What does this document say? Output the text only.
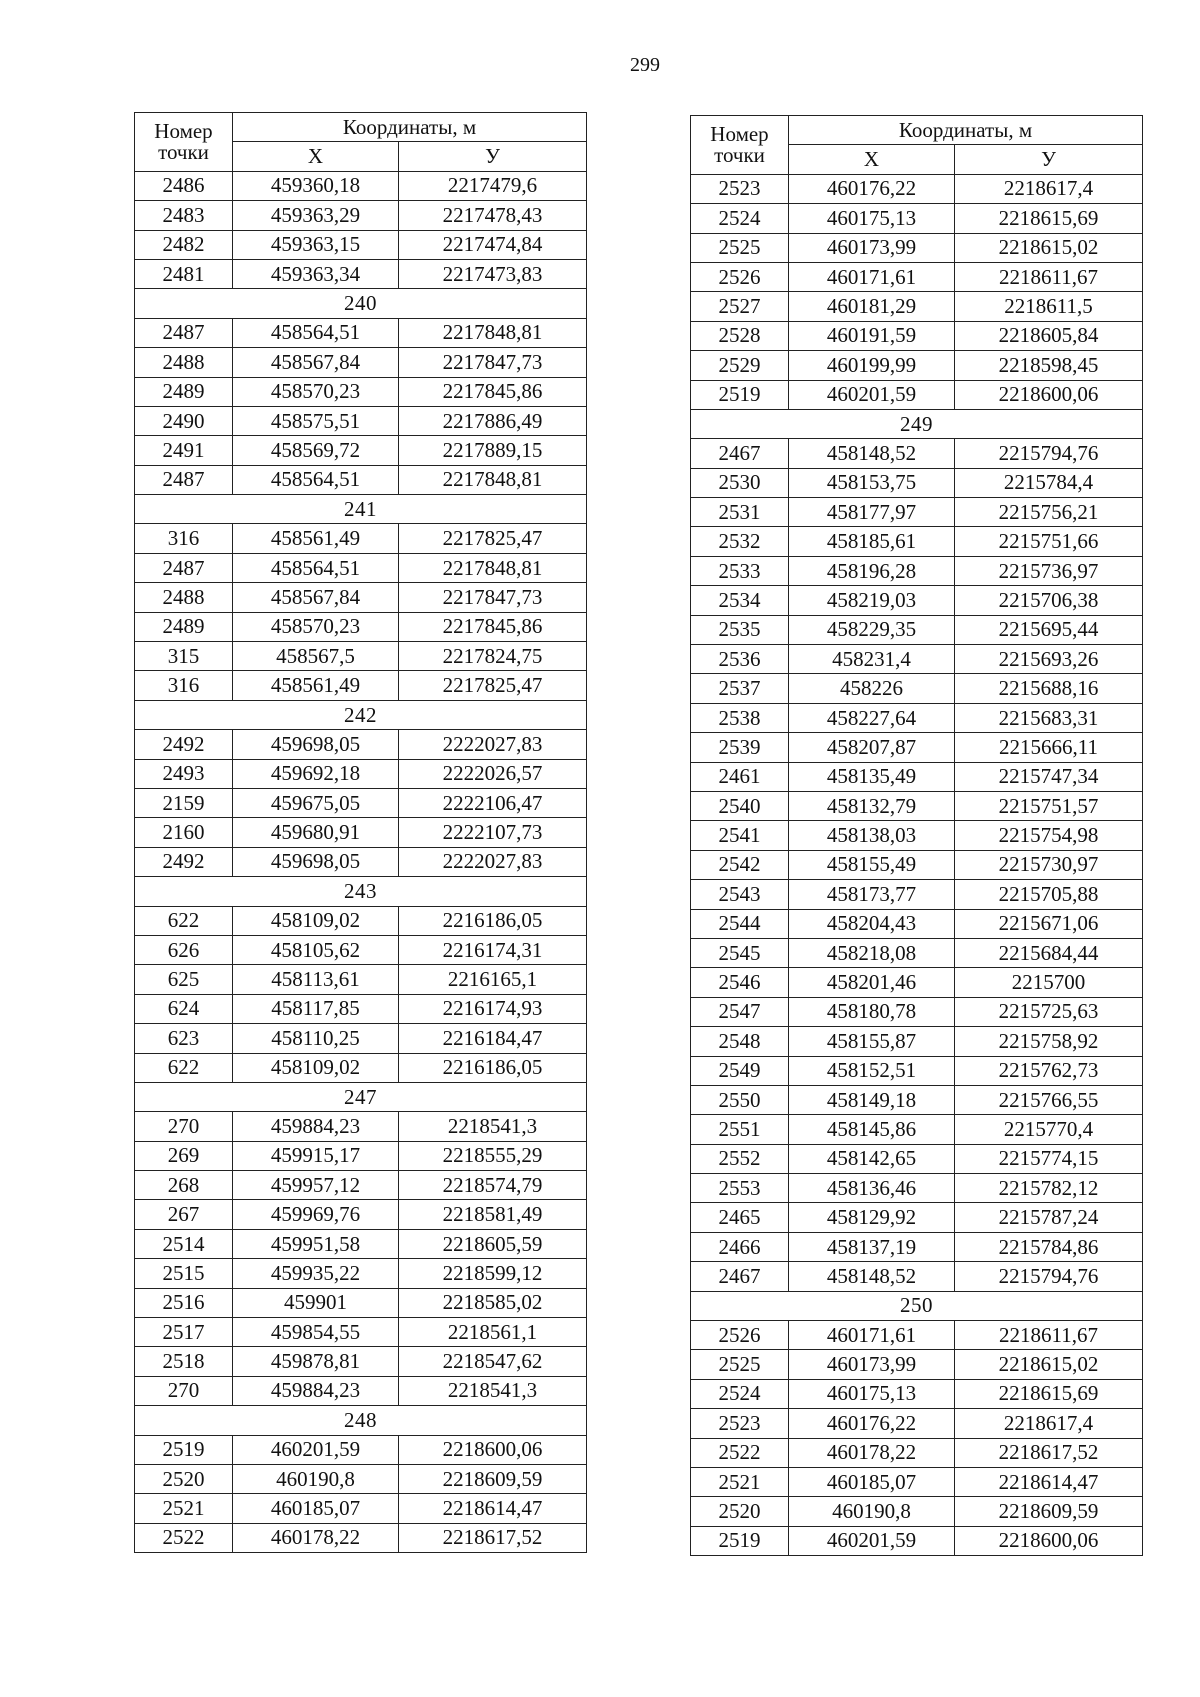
299
Номер
точки	Координаты, м	
	X	У
2486	459360,18	2217479,6
2483	459363,29	2217478,43
2482	459363,15	2217474,84
2481	459363,34	2217473,83
240		
2487	458564,51	2217848,81
2488	458567,84	2217847,73
2489	458570,23	2217845,86
2490	458575,51	2217886,49
2491	458569,72	2217889,15
2487	458564,51	2217848,81
241		
316	458561,49	2217825,47
2487	458564,51	2217848,81
2488	458567,84	2217847,73
2489	458570,23	2217845,86
315	458567,5	2217824,75
316	458561,49	2217825,47
242		
2492	459698,05	2222027,83
2493	459692,18	2222026,57
2159	459675,05	2222106,47
2160	459680,91	2222107,73
2492	459698,05	2222027,83
243		
622	458109,02	2216186,05
626	458105,62	2216174,31
625	458113,61	2216165,1
624	458117,85	2216174,93
623	458110,25	2216184,47
622	458109,02	2216186,05
247		
270	459884,23	2218541,3
269	459915,17	2218555,29
268	459957,12	2218574,79
267	459969,76	2218581,49
2514	459951,58	2218605,59
2515	459935,22	2218599,12
2516	459901	2218585,02
2517	459854,55	2218561,1
2518	459878,81	2218547,62
270	459884,23	2218541,3
248		
2519	460201,59	2218600,06
2520	460190,8	2218609,59
2521	460185,07	2218614,47
2522	460178,22	2218617,52
Номер
точки	Координаты, м	
	X	У
2523	460176,22	2218617,4
2524	460175,13	2218615,69
2525	460173,99	2218615,02
2526	460171,61	2218611,67
2527	460181,29	2218611,5
2528	460191,59	2218605,84
2529	460199,99	2218598,45
2519	460201,59	2218600,06
249		
2467	458148,52	2215794,76
2530	458153,75	2215784,4
2531	458177,97	2215756,21
2532	458185,61	2215751,66
2533	458196,28	2215736,97
2534	458219,03	2215706,38
2535	458229,35	2215695,44
2536	458231,4	2215693,26
2537	458226	2215688,16
2538	458227,64	2215683,31
2539	458207,87	2215666,11
2461	458135,49	2215747,34
2540	458132,79	2215751,57
2541	458138,03	2215754,98
2542	458155,49	2215730,97
2543	458173,77	2215705,88
2544	458204,43	2215671,06
2545	458218,08	2215684,44
2546	458201,46	2215700
2547	458180,78	2215725,63
2548	458155,87	2215758,92
2549	458152,51	2215762,73
2550	458149,18	2215766,55
2551	458145,86	2215770,4
2552	458142,65	2215774,15
2553	458136,46	2215782,12
2465	458129,92	2215787,24
2466	458137,19	2215784,86
2467	458148,52	2215794,76
250		
2526	460171,61	2218611,67
2525	460173,99	2218615,02
2524	460175,13	2218615,69
2523	460176,22	2218617,4
2522	460178,22	2218617,52
2521	460185,07	2218614,47
2520	460190,8	2218609,59
2519	460201,59	2218600,06
